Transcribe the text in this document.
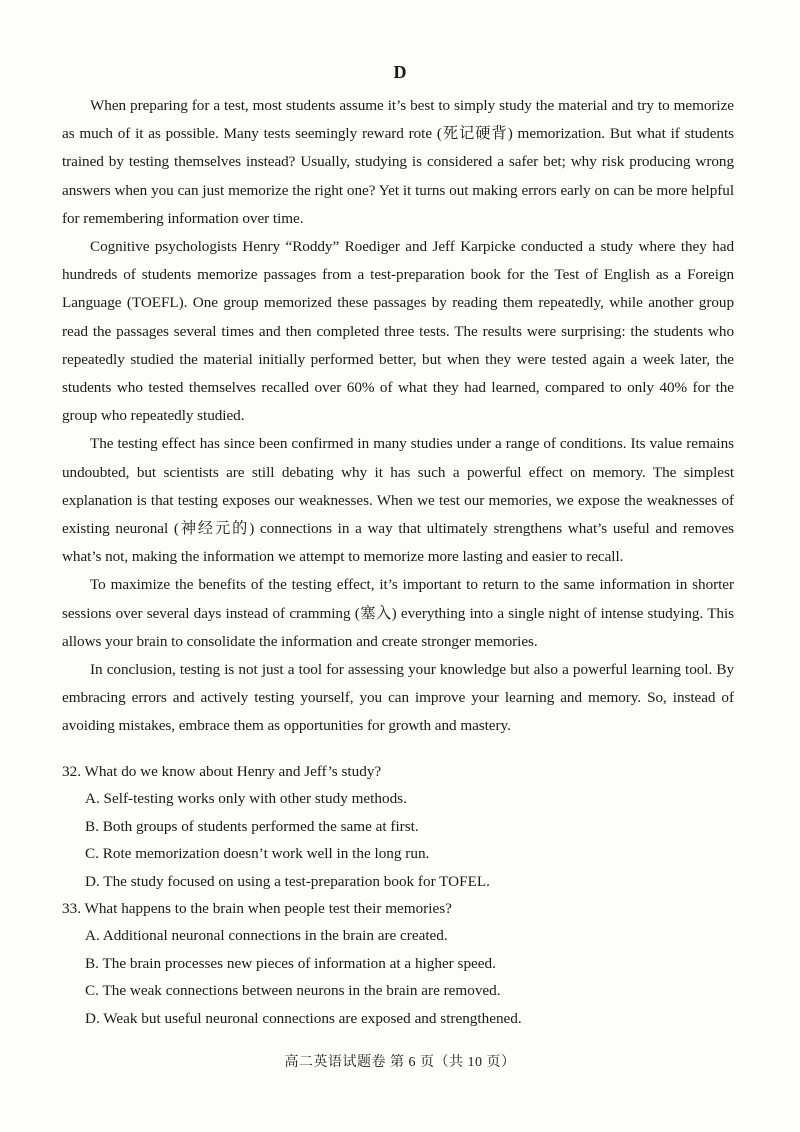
D

When preparing for a test, most students assume it’s best to simply study the material and try to memorize as much of it as possible. Many tests seemingly reward rote (死记硬背) memorization. But what if students trained by testing themselves instead? Usually, studying is considered a safer bet; why risk producing wrong answers when you can just memorize the right one? Yet it turns out making errors early on can be more helpful for remembering information over time.

Cognitive psychologists Henry “Roddy” Roediger and Jeff Karpicke conducted a study where they had hundreds of students memorize passages from a test-preparation book for the Test of English as a Foreign Language (TOEFL). One group memorized these passages by reading them repeatedly, while another group read the passages several times and then completed three tests. The results were surprising: the students who repeatedly studied the material initially performed better, but when they were tested again a week later, the students who tested themselves recalled over 60% of what they had learned, compared to only 40% for the group who repeatedly studied.

The testing effect has since been confirmed in many studies under a range of conditions. Its value remains undoubted, but scientists are still debating why it has such a powerful effect on memory. The simplest explanation is that testing exposes our weaknesses. When we test our memories, we expose the weaknesses of existing neuronal (神经元的) connections in a way that ultimately strengthens what’s useful and removes what’s not, making the information we attempt to memorize more lasting and easier to recall.

To maximize the benefits of the testing effect, it’s important to return to the same information in shorter sessions over several days instead of cramming (塞入) everything into a single night of intense studying. This allows your brain to consolidate the information and create stronger memories.

In conclusion, testing is not just a tool for assessing your knowledge but also a powerful learning tool. By embracing errors and actively testing yourself, you can improve your learning and memory. So, instead of avoiding mistakes, embrace them as opportunities for growth and mastery.

32. What do we know about Henry and Jeff’s study?

A. Self-testing works only with other study methods.
B. Both groups of students performed the same at first.
C. Rote memorization doesn’t work well in the long run.
D. The study focused on using a test-preparation book for TOFEL.

33. What happens to the brain when people test their memories?

A. Additional neuronal connections in the brain are created.
B. The brain processes new pieces of information at a higher speed.
C. The weak connections between neurons in the brain are removed.
D. Weak but useful neuronal connections are exposed and strengthened.
高二英语试题卷 第 6 页（共 10 页）
